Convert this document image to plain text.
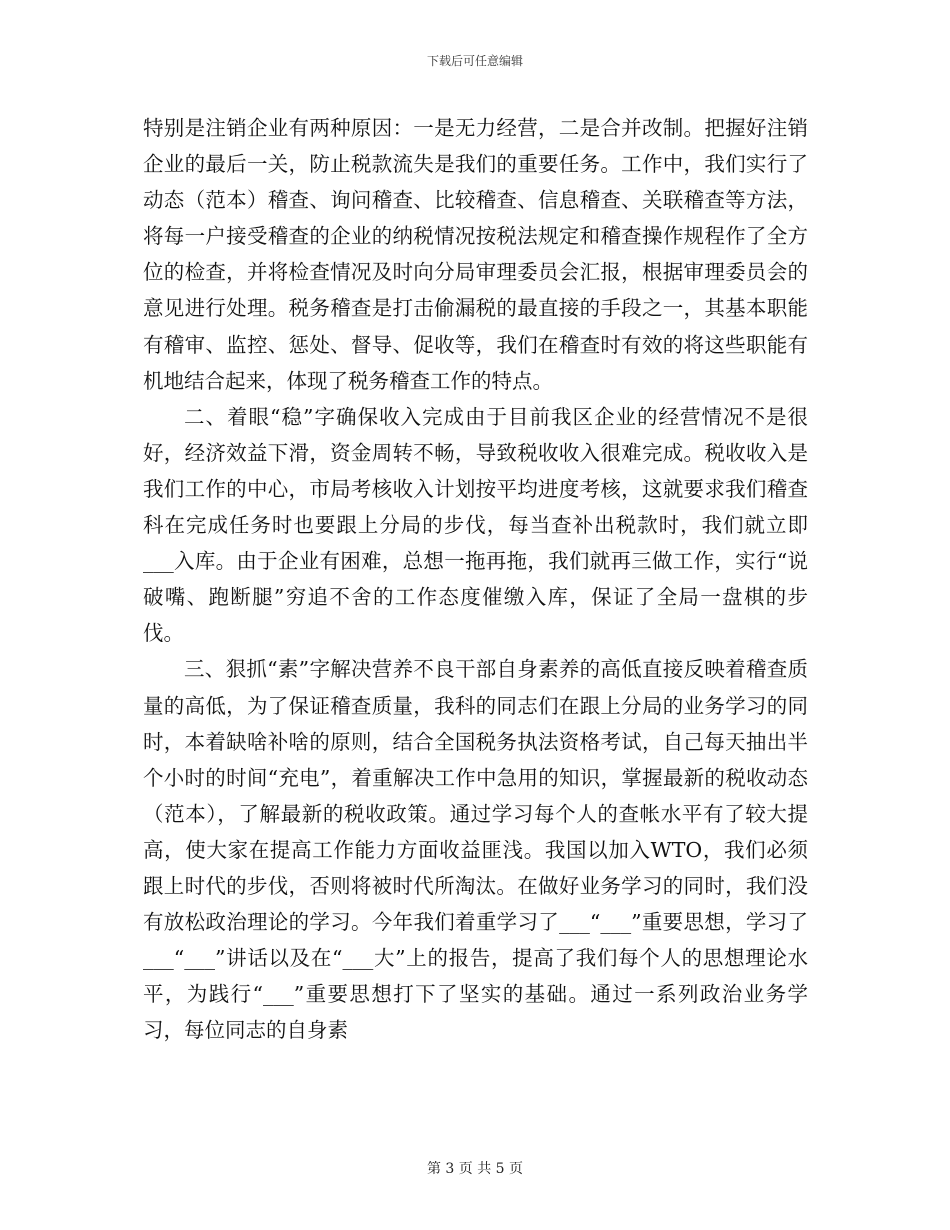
下载后可任意编辑

特别是注销企业有两种原因：一是无力经营，二是合并改制。把握好注销企业的最后一关，防止税款流失是我们的重要任务。工作中，我们实行了动态（范本）稽查、询问稽查、比较稽查、信息稽查、关联稽查等方法，将每一户接受稽查的企业的纳税情况按税法规定和稽查操作规程作了全方位的检查，并将检查情况及时向分局审理委员会汇报，根据审理委员会的意见进行处理。税务稽查是打击偷漏税的最直接的手段之一，其基本职能有稽审、监控、惩处、督导、促收等，我们在稽查时有效的将这些职能有机地结合起来，体现了税务稽查工作的特点。

二、着眼“稳”字确保收入完成由于目前我区企业的经营情况不是很好，经济效益下滑，资金周转不畅，导致税收收入很难完成。税收收入是我们工作的中心，市局考核收入计划按平均进度考核，这就要求我们稽查科在完成任务时也要跟上分局的步伐，每当查补出税款时，我们就立即___入库。由于企业有困难，总想一拖再拖，我们就再三做工作，实行“说破嘴、跑断腿”穷追不舍的工作态度催缴入库，保证了全局一盘棋的步伐。

三、狠抓“素”字解决营养不良干部自身素养的高低直接反映着稽查质量的高低，为了保证稽查质量，我科的同志们在跟上分局的业务学习的同时，本着缺啥补啥的原则，结合全国税务执法资格考试，自己每天抽出半个小时的时间“充电”，着重解决工作中急用的知识，掌握最新的税收动态（范本），了解最新的税收政策。通过学习每个人的查帐水平有了较大提高，使大家在提高工作能力方面收益匪浅。我国以加入WTO，我们必须跟上时代的步伐，否则将被时代所淘汰。在做好业务学习的同时，我们没有放松政治理论的学习。今年我们着重学习了___“___”重要思想，学习了___“___”讲话以及在“___大”上的报告，提高了我们每个人的思想理论水平，为践行“___”重要思想打下了坚实的基础。通过一系列政治业务学习，每位同志的自身素

第 3 页 共 5 页
